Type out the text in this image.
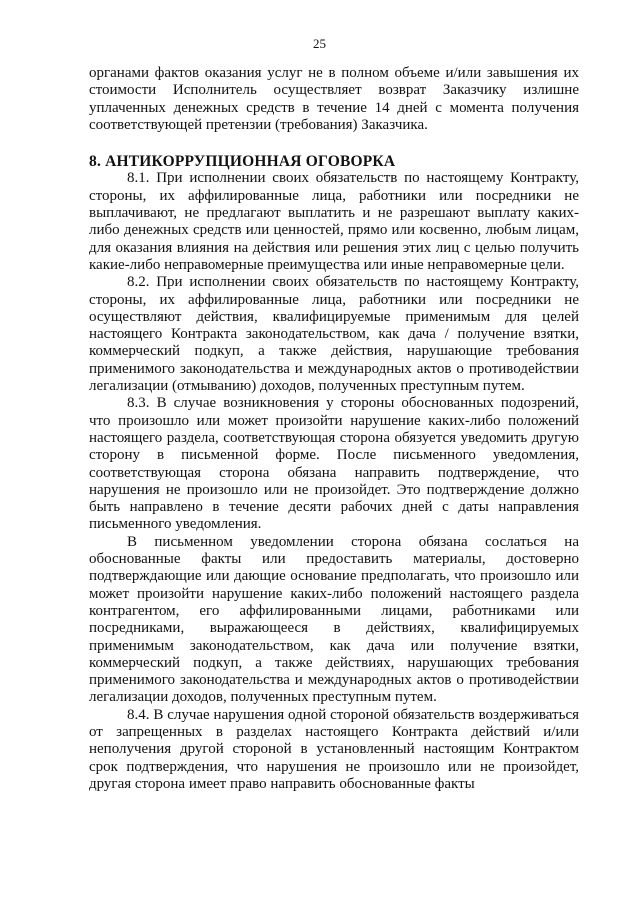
25

органами фактов оказания услуг не в полном объеме и/или завышения их стоимости Исполнитель осуществляет возврат Заказчику излишне уплаченных денежных средств в течение 14 дней с момента получения соответствующей претензии (требования) Заказчика.

8. АНТИКОРРУПЦИОННАЯ ОГОВОРКА

8.1. При исполнении своих обязательств по настоящему Контракту, стороны, их аффилированные лица, работники или посредники не выплачивают, не предлагают выплатить и не разрешают выплату каких-либо денежных средств или ценностей, прямо или косвенно, любым лицам, для оказания влияния на действия или решения этих лиц с целью получить какие-либо неправомерные преимущества или иные неправомерные цели.

8.2. При исполнении своих обязательств по настоящему Контракту, стороны, их аффилированные лица, работники или посредники не осуществляют действия, квалифицируемые применимым для целей настоящего Контракта законодательством, как дача / получение взятки, коммерческий подкуп, а также действия, нарушающие требования применимого законодательства и международных актов о противодействии легализации (отмыванию) доходов, полученных преступным путем.

8.3. В случае возникновения у стороны обоснованных подозрений, что произошло или может произойти нарушение каких-либо положений настоящего раздела, соответствующая сторона обязуется уведомить другую сторону в письменной форме. После письменного уведомления, соответствующая сторона обязана направить подтверждение, что нарушения не произошло или не произойдет. Это подтверждение должно быть направлено в течение десяти рабочих дней с даты направления письменного уведомления.

В письменном уведомлении сторона обязана сослаться на обоснованные факты или предоставить материалы, достоверно подтверждающие или дающие основание предполагать, что произошло или может произойти нарушение каких-либо положений настоящего раздела контрагентом, его аффилированными лицами, работниками или посредниками, выражающееся в действиях, квалифицируемых применимым законодательством, как дача или получение взятки, коммерческий подкуп, а также действиях, нарушающих требования применимого законодательства и международных актов о противодействии легализации доходов, полученных преступным путем.

8.4. В случае нарушения одной стороной обязательств воздерживаться от запрещенных в разделах настоящего Контракта действий и/или неполучения другой стороной в установленный настоящим Контрактом срок подтверждения, что нарушения не произошло или не произойдет, другая сторона имеет право направить обоснованные факты
